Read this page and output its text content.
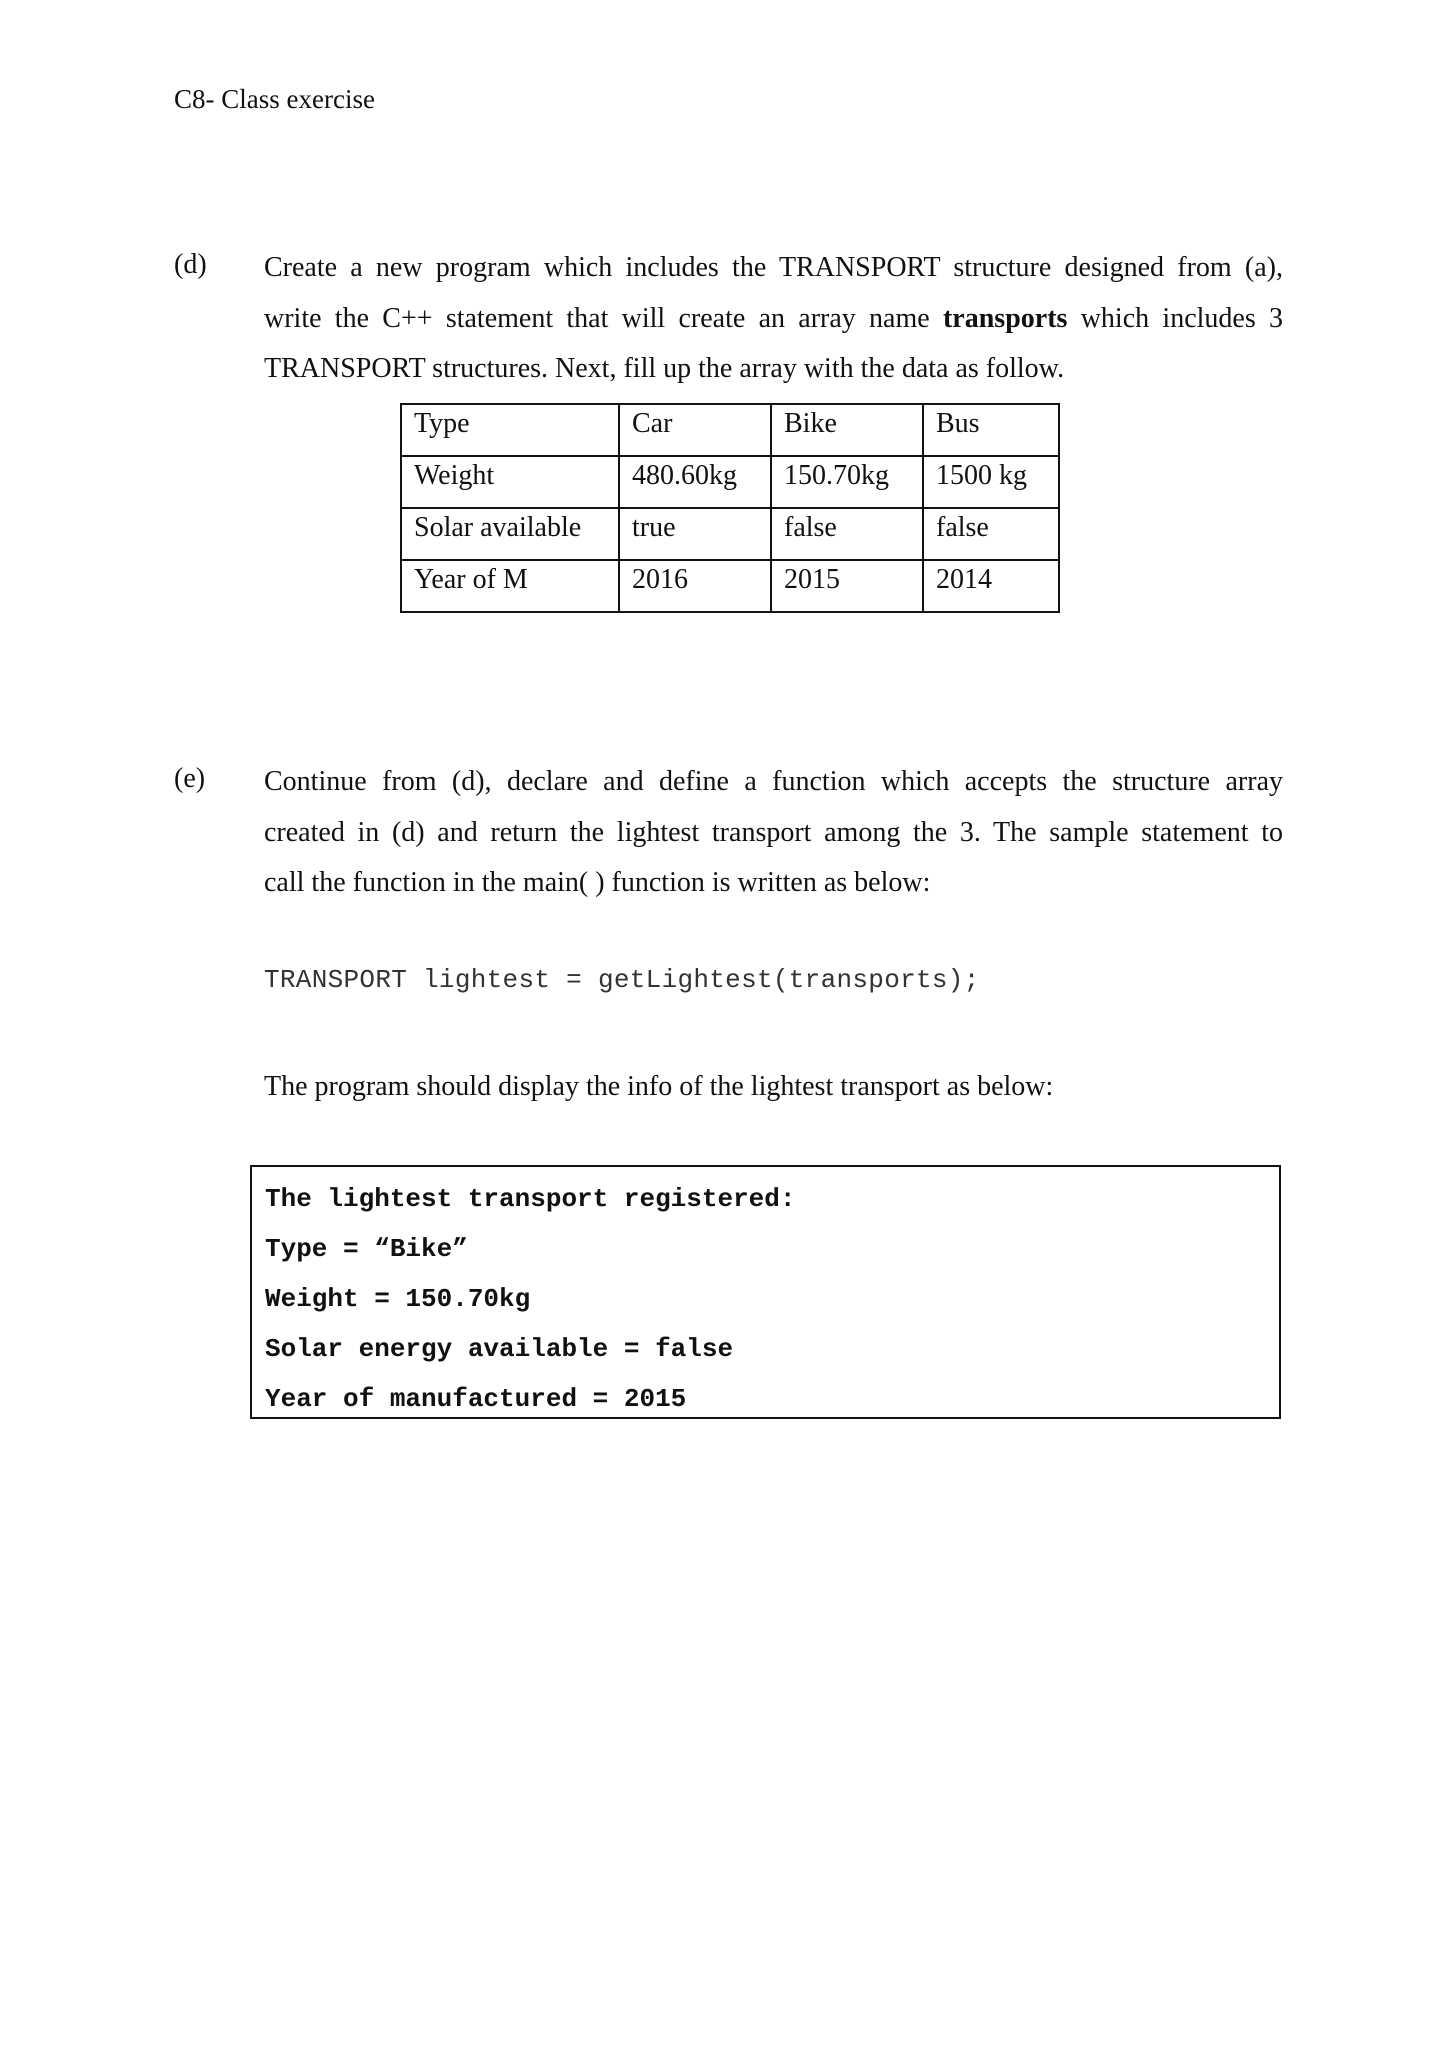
C8- Class exercise
(d) Create a new program which includes the TRANSPORT structure designed from (a),
write the C++ statement that will create an array name transports which includes 3
TRANSPORT structures. Next, fill up the array with the data as follow.
Type	Car	Bike	Bus
Weight	480.60kg	150.70kg	1500 kg
Solar available	true	false	false
Year of M	2016	2015	2014
(e) Continue from (d), declare and define a function which accepts the structure array
created in (d) and return the lightest transport among the 3. The sample statement to
call the function in the main( ) function is written as below:
TRANSPORT lightest = getLightest(transports);
The program should display the info of the lightest transport as below:
The lightest transport registered:
Type = “Bike”
Weight = 150.70kg
Solar energy available = false
Year of manufactured = 2015
